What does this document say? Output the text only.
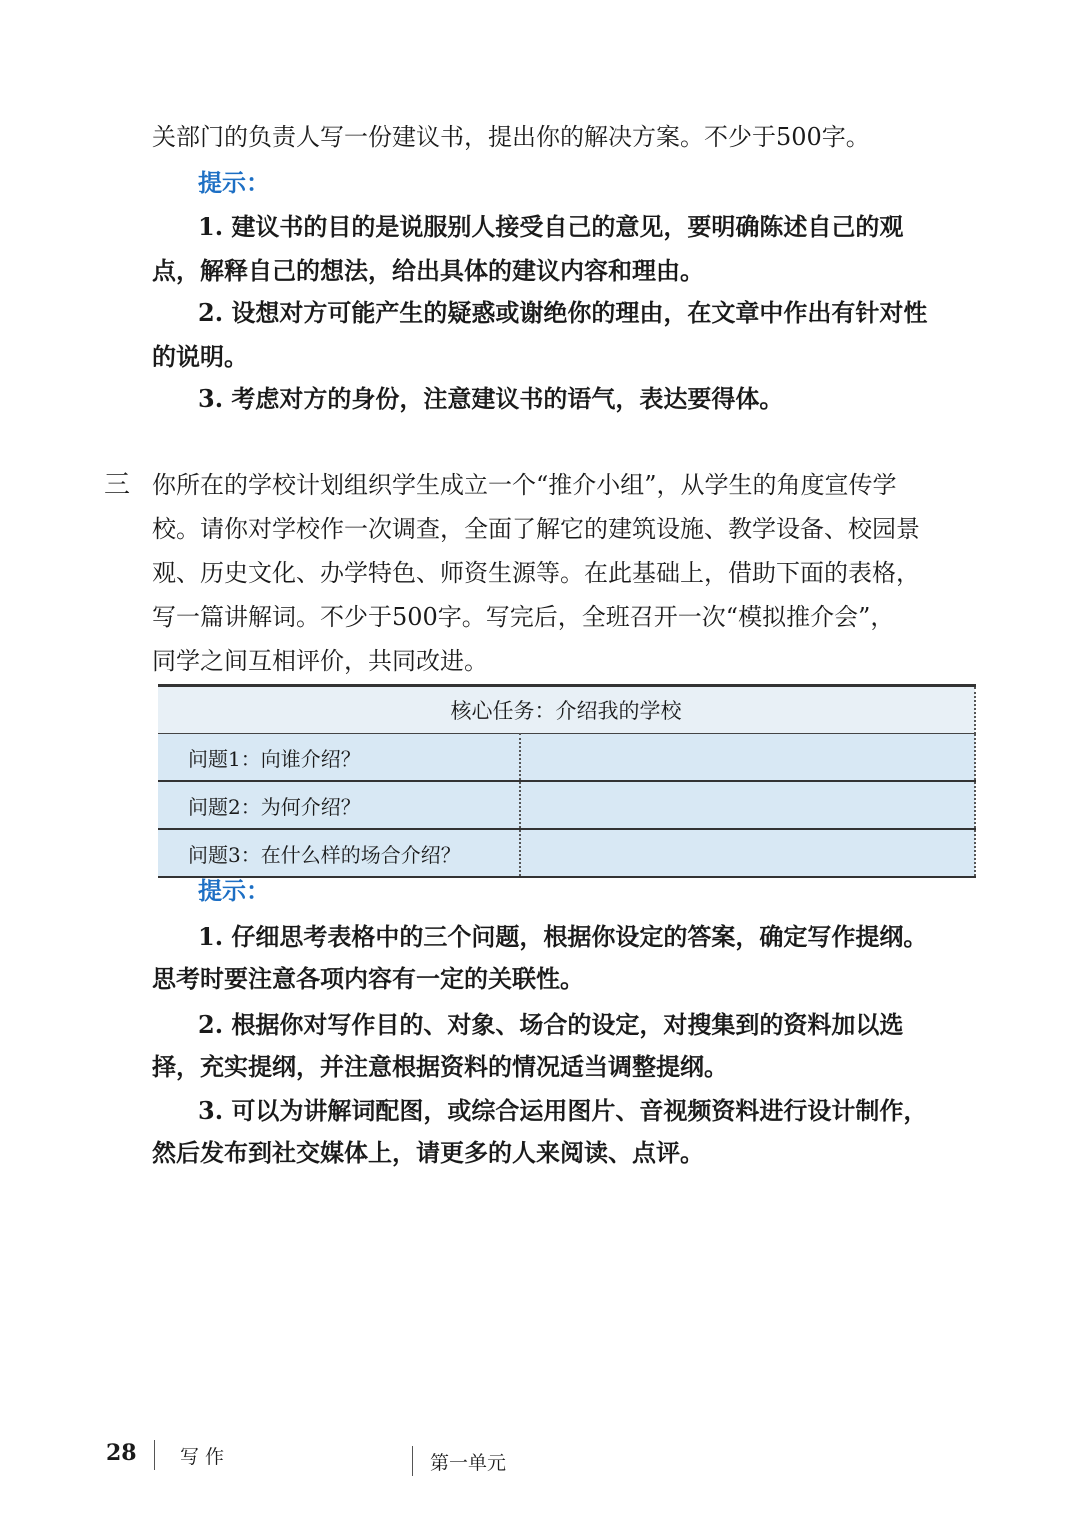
关部门的负责人写一份建议书，提出你的解决方案。不少于500字。
提示：
1. 建议书的目的是说服别人接受自己的意见，要明确陈述自己的观
点，解释自己的想法，给出具体的建议内容和理由。
2. 设想对方可能产生的疑惑或谢绝你的理由，在文章中作出有针对性
的说明。
3. 考虑对方的身份，注意建议书的语气，表达要得体。
三 你所在的学校计划组织学生成立一个“推介小组”，从学生的角度宣传学
校。请你对学校作一次调查，全面了解它的建筑设施、教学设备、校园景
观、历史文化、办学特色、师资生源等。在此基础上，借助下面的表格，
写一篇讲解词。不少于500字。写完后，全班召开一次“模拟推介会”，
同学之间互相评价，共同改进。
核心任务：介绍我的学校	
问题1：向谁介绍？	
问题2：为何介绍？	
问题3：在什么样的场合介绍？	
提示：
1. 仔细思考表格中的三个问题，根据你设定的答案，确定写作提纲。
思考时要注意各项内容有一定的关联性。
2. 根据你对写作目的、对象、场合的设定，对搜集到的资料加以选
择，充实提纲，并注意根据资料的情况适当调整提纲。
3. 可以为讲解词配图，或综合运用图片、音视频资料进行设计制作，
然后发布到社交媒体上，请更多的人来阅读、点评。
28 写 作	第一单元
